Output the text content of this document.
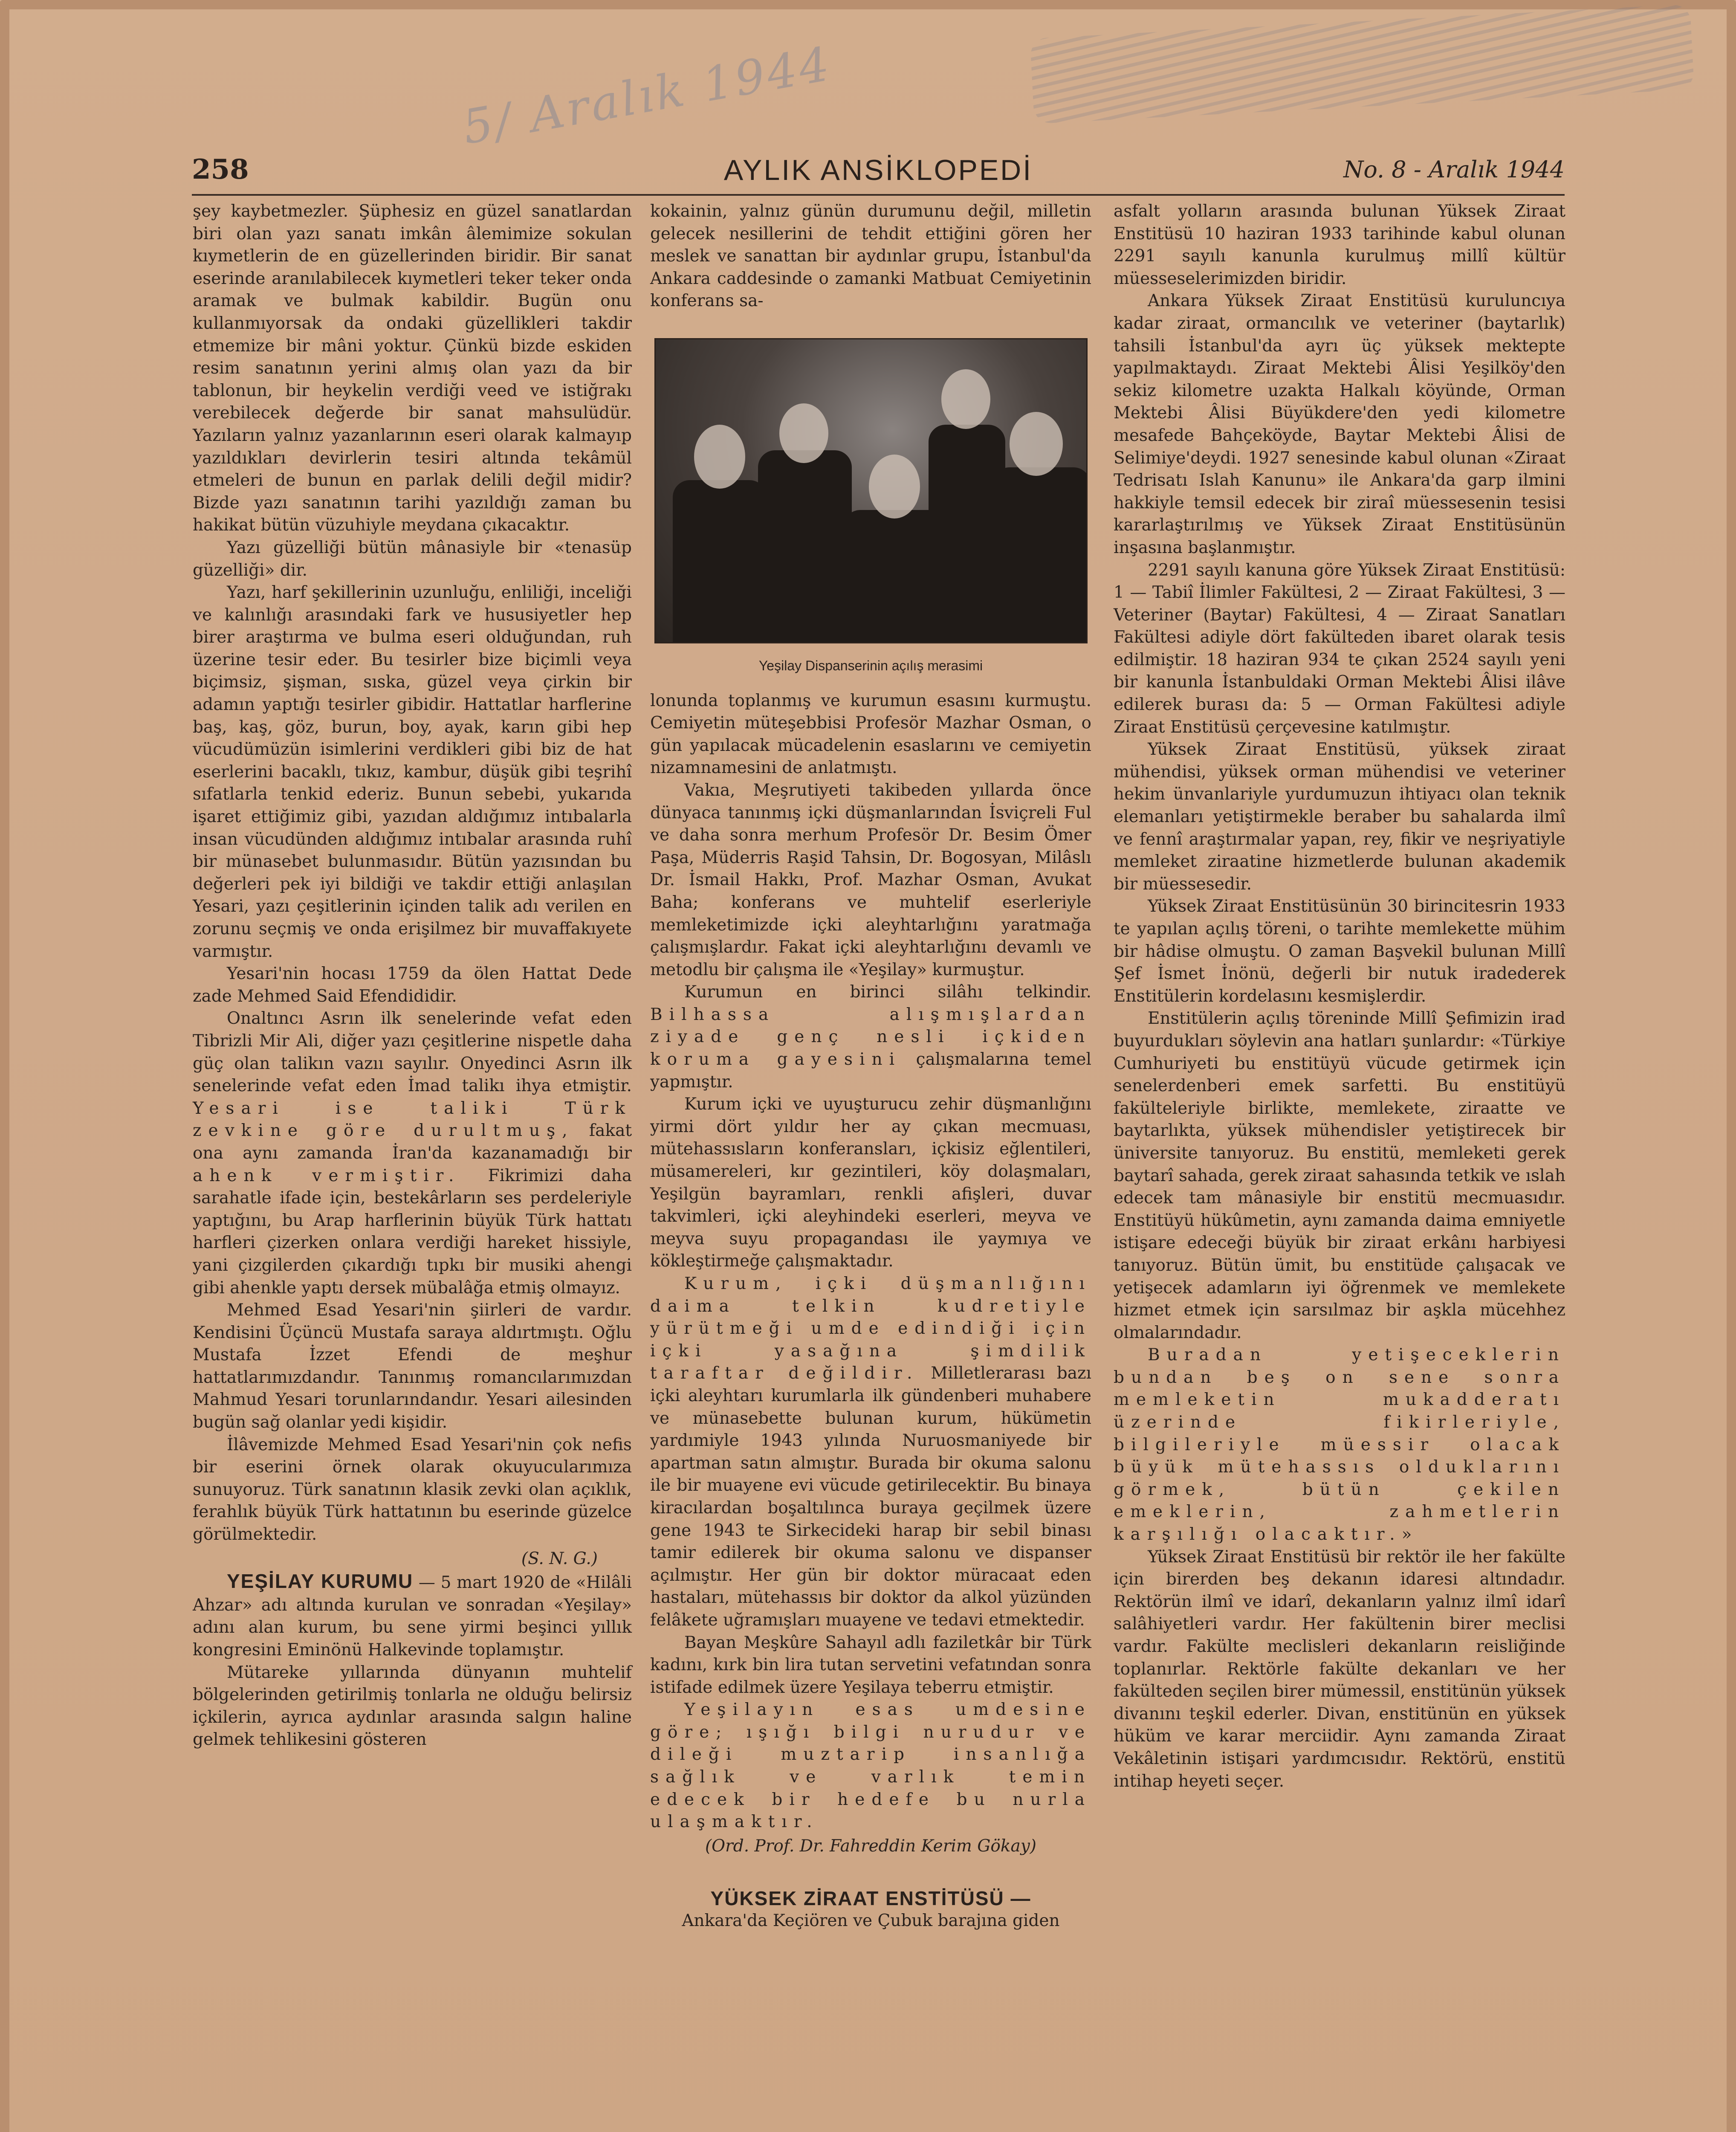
5/ Aralık 1944
AYLIK ANSİKLOPEDİ
258	No. 8 - Aralık 1944

şey kaybetmezler. Şüphesiz en güzel sanatlardan biri olan yazı sanatı imkân âlemimize sokulan kıymetlerin de en güzellerinden biridir. Bir sanat eserinde aranılabilecek kıymetleri teker teker onda aramak ve bulmak kabildir. Bugün onu kullanmıyorsak da ondaki güzellikleri takdir etmemize bir mâni yoktur. Çünkü bizde eskiden resim sanatının yerini almış olan yazı da bir tablonun, bir heykelin verdiği veed ve istiğrakı verebilecek değerde bir sanat mahsulüdür. Yazıların yalnız yazanlarının eseri olarak kalmayıp yazıldıkları devirlerin tesiri altında tekâmül etmeleri de bunun en parlak delili değil midir? Bizde yazı sanatının tarihi yazıldığı zaman bu hakikat bütün vüzuhiyle meydana çıkacaktır.

Yazı güzelliği bütün mânasiyle bir «tenasüp güzelliği» dir.

Yazı, harf şekillerinin uzunluğu, enliliği, inceliği ve kalınlığı arasındaki fark ve hususiyetler hep birer araştırma ve bulma eseri olduğundan, ruh üzerine tesir eder. Bu tesirler bize biçimli veya biçimsiz, şişman, sıska, güzel veya çirkin bir adamın yaptığı tesirler gibidir. Hattatlar harflerine baş, kaş, göz, burun, boy, ayak, karın gibi hep vücudümüzün isimlerini verdikleri gibi biz de hat eserlerini bacaklı, tıkız, kambur, düşük gibi teşrihî sıfatlarla tenkid ederiz. Bunun sebebi, yukarıda işaret ettiğimiz gibi, yazıdan aldığımız intıbalarla insan vücudünden aldığımız intıbalar arasında ruhî bir münasebet bulunmasıdır. Bütün yazısından bu değerleri pek iyi bildiği ve takdir ettiği anlaşılan Yesari, yazı çeşitlerinin içinden talik adı verilen en zorunu seçmiş ve onda erişilmez bir muvaffakıyete varmıştır.

Yesari'nin hocası 1759 da ölen Hattat Dede zade Mehmed Said Efendididir.

Onaltıncı Asrın ilk senelerinde vefat eden Tibrizli Mir Ali, diğer yazı çeşitlerine nispetle daha güç olan talikın vazıı sayılır. Onyedinci Asrın ilk senelerinde vefat eden İmad talikı ihya etmiştir. Yesari ise taliki Türk zevkine göre durultmuş, fakat ona aynı zamanda İran'da kazanamadığı bir ahenk vermiştir. Fikrimizi daha sarahatle ifade için, bestekârların ses perdeleriyle yaptığını, bu Arap harflerinin büyük Türk hattatı harfleri çizerken onlara verdiği hareket hissiyle, yani çizgilerden çıkardığı tıpkı bir musiki ahengi gibi ahenkle yaptı dersek mübalâğa etmiş olmayız.

Mehmed Esad Yesari'nin şiirleri de vardır. Kendisini Üçüncü Mustafa saraya aldırtmıştı. Oğlu Mustafa İzzet Efendi de meşhur hattatlarımızdandır. Tanınmış romancılarımızdan Mahmud Yesari torunlarındandır. Yesari ailesinden bugün sağ olanlar yedi kişidir.

İlâvemizde Mehmed Esad Yesari'nin çok nefis bir eserini örnek olarak okuyucularımıza sunuyoruz. Türk sanatının klasik zevki olan açıklık, ferahlık büyük Türk hattatının bu eserinde güzelce görülmektedir.

(S. N. G.)

YEŞİLAY KURUMU — 5 mart 1920 de «Hilâli Ahzar» adı altında kurulan ve sonradan «Yeşilay» adını alan kurum, bu sene yirmi beşinci yıllık kongresini Eminönü Halkevinde toplamıştır.

Mütareke yıllarında dünyanın muhtelif bölgelerinden getirilmiş tonlarla ne olduğu belirsiz içkilerin, ayrıca aydınlar arasında salgın haline gelmek tehlikesini gösteren

kokainin, yalnız günün durumunu değil, milletin gelecek nesillerini de tehdit ettiğini gören her meslek ve sanattan bir aydınlar grupu, İstanbul'da Ankara caddesinde o zamanki Matbuat Cemiyetinin konferans sa-

Yeşilay Dispanserinin açılış merasimi

lonunda toplanmış ve kurumun esasını kurmuştu. Cemiyetin müteşebbisi Profesör Mazhar Osman, o gün yapılacak mücadelenin esaslarını ve cemiyetin nizamnamesini de anlatmıştı.

Vakıa, Meşrutiyeti takibeden yıllarda önce dünyaca tanınmış içki düşmanlarından İsviçreli Ful ve daha sonra merhum Profesör Dr. Besim Ömer Paşa, Müderris Raşid Tahsin, Dr. Bogosyan, Milâslı Dr. İsmail Hakkı, Prof. Mazhar Osman, Avukat Baha; konferans ve muhtelif eserleriyle memleketimizde içki aleyhtarlığını yaratmağa çalışmışlardır. Fakat içki aleyhtarlığını devamlı ve metodlu bir çalışma ile «Yeşilay» kurmuştur.

Kurumun en birinci silâhı telkindir. Bilhassa alışmışlardan ziyade genç nesli içkiden koruma gayesini çalışmalarına temel yapmıştır.

Kurum içki ve uyuşturucu zehir düşmanlığını yirmi dört yıldır her ay çıkan mecmuası, mütehassısların konferansları, içkisiz eğlentileri, müsamereleri, kır gezintileri, köy dolaşmaları, Yeşilgün bayramları, renkli afişleri, duvar takvimleri, içki aleyhindeki eserleri, meyva ve meyva suyu propagandası ile yaymıya ve kökleştirmeğe çalışmaktadır.

Kurum, içki düşmanlığını daima telkin kudretiyle yürütmeği umde edindiği için içki yasağına şimdilik taraftar değildir. Milletlerarası bazı içki aleyhtarı kurumlarla ilk gündenberi muhabere ve münasebette bulunan kurum, hükümetin yardımiyle 1943 yılında Nuruosmaniyede bir apartman satın almıştır. Burada bir okuma salonu ile bir muayene evi vücude getirilecektir. Bu binaya kiracılardan boşaltılınca buraya geçilmek üzere gene 1943 te Sirkecideki harap bir sebil binası tamir edilerek bir okuma salonu ve dispanser açılmıştır. Her gün bir doktor müracaat eden hastaları, mütehassıs bir doktor da alkol yüzünden felâkete uğramışları muayene ve tedavi etmektedir.

Bayan Meşkûre Sahayıl adlı faziletkâr bir Türk kadını, kırk bin lira tutan servetini vefatından sonra istifade edilmek üzere Yeşilaya teberru etmiştir.

Yeşilayın esas umdesine göre; ışığı bilgi nurudur ve dileği muztarip insanlığa sağlık ve varlık temin edecek bir hedefe bu nurla ulaşmaktır.

(Ord. Prof. Dr. Fahreddin Kerim Gökay)
YÜKSEK ZİRAAT ENSTİTÜSÜ —

Ankara'da Keçiören ve Çubuk barajına giden

asfalt yolların arasında bulunan Yüksek Ziraat Enstitüsü 10 haziran 1933 tarihinde kabul olunan 2291 sayılı kanunla kurulmuş millî kültür müesseselerimizden biridir.

Ankara Yüksek Ziraat Enstitüsü kuruluncıya kadar ziraat, ormancılık ve veteriner (baytarlık) tahsili İstanbul'da ayrı üç yüksek mektepte yapılmaktaydı. Ziraat Mektebi Âlisi Yeşilköy'den sekiz kilometre uzakta Halkalı köyünde, Orman Mektebi Âlisi Büyükdere'den yedi kilometre mesafede Bahçeköyde, Baytar Mektebi Âlisi de Selimiye'deydi. 1927 senesinde kabul olunan «Ziraat Tedrisatı Islah Kanunu» ile Ankara'da garp ilmini hakkiyle temsil edecek bir ziraî müessesenin tesisi kararlaştırılmış ve Yüksek Ziraat Enstitüsünün inşasına başlanmıştır.

2291 sayılı kanuna göre Yüksek Ziraat Enstitüsü: 1 — Tabiî İlimler Fakültesi, 2 — Ziraat Fakültesi, 3 — Veteriner (Baytar) Fakültesi, 4 — Ziraat Sanatları Fakültesi adiyle dört fakülteden ibaret olarak tesis edilmiştir. 18 haziran 934 te çıkan 2524 sayılı yeni bir kanunla İstanbuldaki Orman Mektebi Âlisi ilâve edilerek burası da: 5 — Orman Fakültesi adiyle Ziraat Enstitüsü çerçevesine katılmıştır.

Yüksek Ziraat Enstitüsü, yüksek ziraat mühendisi, yüksek orman mühendisi ve veteriner hekim ünvanlariyle yurdumuzun ihtiyacı olan teknik elemanları yetiştirmekle beraber bu sahalarda ilmî ve fennî araştırmalar yapan, rey, fikir ve neşriyatiyle memleket ziraatine hizmetlerde bulunan akademik bir müessesedir.

Yüksek Ziraat Enstitüsünün 30 birincitesrin 1933 te yapılan açılış töreni, o tarihte memlekette mühim bir hâdise olmuştu. O zaman Başvekil bulunan Millî Şef İsmet İnönü, değerli bir nutuk iradederek Enstitülerin kordelasını kesmişlerdir.

Enstitülerin açılış töreninde Millî Şefimizin irad buyurdukları söylevin ana hatları şunlardır: «Türkiye Cumhuriyeti bu enstitüyü vücude getirmek için senelerdenberi emek sarfetti. Bu enstitüyü fakülteleriyle birlikte, memlekete, ziraatte ve baytarlıkta, yüksek mühendisler yetiştirecek bir üniversite tanıyoruz. Bu enstitü, memleketi gerek baytarî sahada, gerek ziraat sahasında tetkik ve ıslah edecek tam mânasiyle bir enstitü mecmuasıdır. Enstitüyü hükûmetin, aynı zamanda daima emniyetle istişare edeceği büyük bir ziraat erkânı harbiyesi tanıyoruz. Bütün ümit, bu enstitüde çalışacak ve yetişecek adamların iyi öğrenmek ve memlekete hizmet etmek için sarsılmaz bir aşkla mücehhez olmalarındadır.

Buradan yetişeceklerin bundan beş on sene sonra memleketin mukadderatı üzerinde fikirleriyle, bilgileriyle müessir olacak büyük mütehassıs olduklarını görmek, bütün çekilen emeklerin, zahmetlerin karşılığı olacaktır.»

Yüksek Ziraat Enstitüsü bir rektör ile her fakülte için birerden beş dekanın idaresi altındadır. Rektörün ilmî ve idarî, dekanların yalnız ilmî idarî salâhiyetleri vardır. Her fakültenin birer meclisi vardır. Fakülte meclisleri dekanların reisliğinde toplanırlar. Rektörle fakülte dekanları ve her fakülteden seçilen birer mümessil, enstitünün yüksek divanını teşkil ederler. Divan, enstitünün en yüksek hüküm ve karar merciidir. Aynı zamanda Ziraat Vekâletinin istişari yardımcısıdır. Rektörü, enstitü intihap heyeti seçer.
